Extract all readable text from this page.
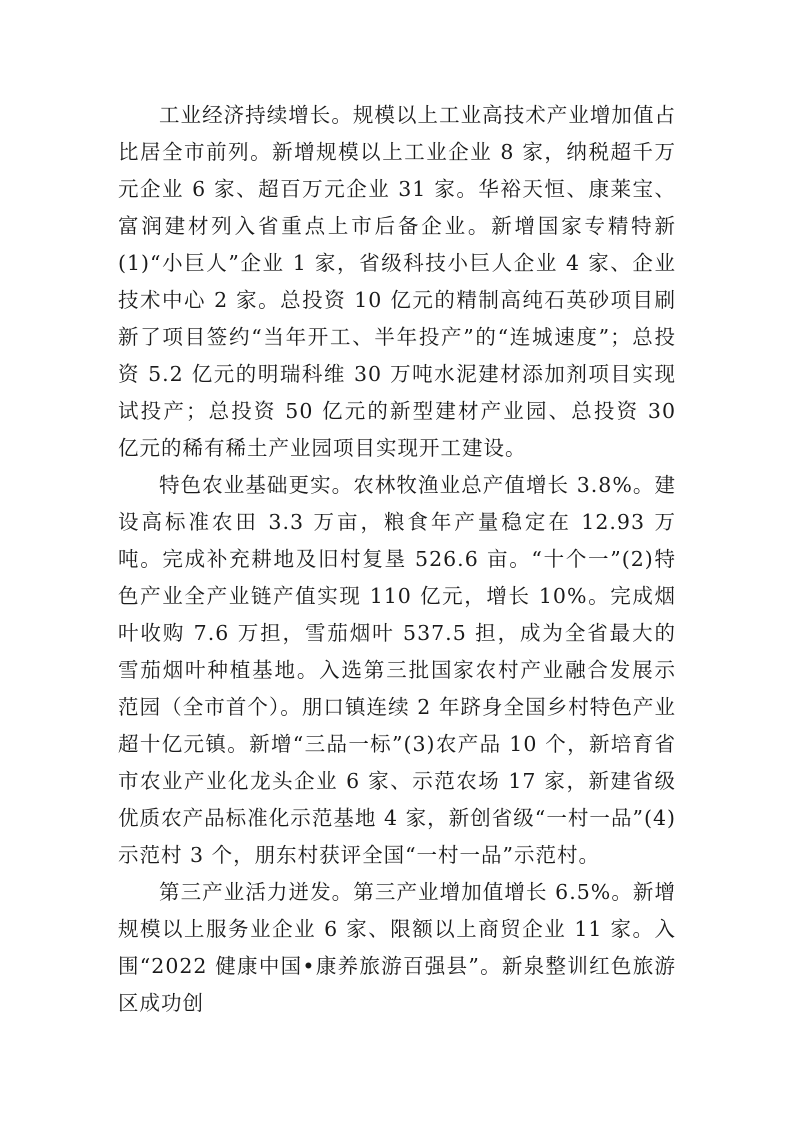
工业经济持续增长。规模以上工业高技术产业增加值占比居全市前列。新增规模以上工业企业 8 家，纳税超千万元企业 6 家、超百万元企业 31 家。华裕天恒、康莱宝、富润建材列入省重点上市后备企业。新增国家专精特新(1)“小巨人”企业 1 家，省级科技小巨人企业 4 家、企业技术中心 2 家。总投资 10 亿元的精制高纯石英砂项目刷新了项目签约“当年开工、半年投产”的“连城速度”；总投资 5.2 亿元的明瑞科维 30 万吨水泥建材添加剂项目实现试投产；总投资 50 亿元的新型建材产业园、总投资 30 亿元的稀有稀土产业园项目实现开工建设。

特色农业基础更实。农林牧渔业总产值增长 3.8%。建设高标准农田 3.3 万亩，粮食年产量稳定在 12.93 万吨。完成补充耕地及旧村复垦 526.6 亩。“十个一”(2)特色产业全产业链产值实现 110 亿元，增长 10%。完成烟叶收购 7.6 万担，雪茄烟叶 537.5 担，成为全省最大的雪茄烟叶种植基地。入选第三批国家农村产业融合发展示范园（全市首个）。朋口镇连续 2 年跻身全国乡村特色产业超十亿元镇。新增“三品一标”(3)农产品 10 个，新培育省市农业产业化龙头企业 6 家、示范农场 17 家，新建省级优质农产品标准化示范基地 4 家，新创省级“一村一品”(4)示范村 3 个，朋东村获评全国“一村一品”示范村。

第三产业活力迸发。第三产业增加值增长 6.5%。新增规模以上服务业企业 6 家、限额以上商贸企业 11 家。入围“2022 健康中国•康养旅游百强县”。新泉整训红色旅游区成功创
